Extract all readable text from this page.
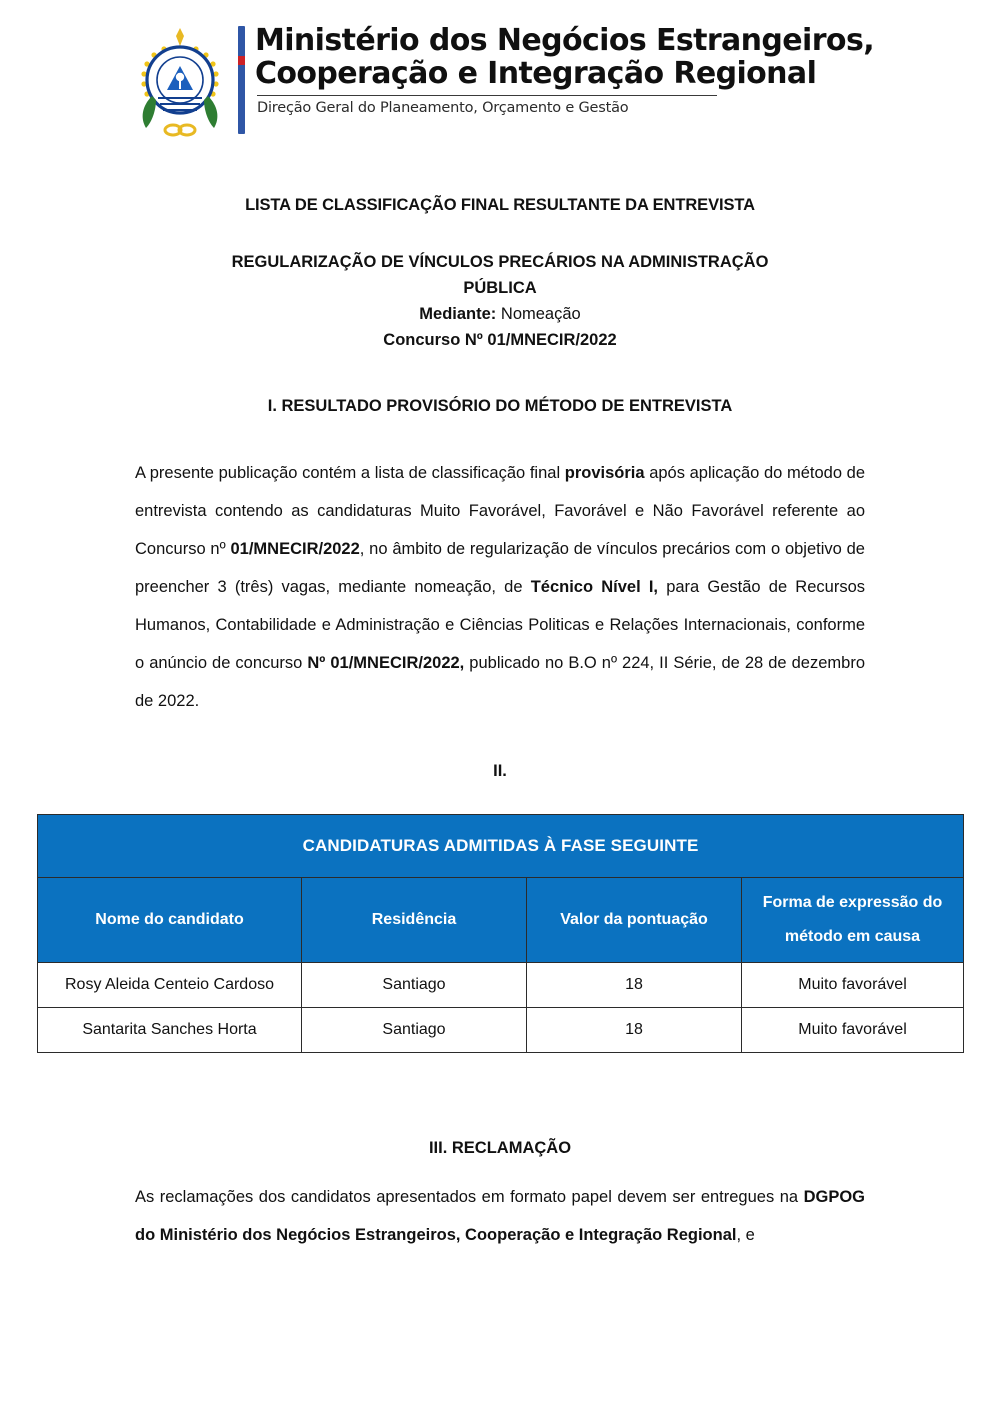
Ministério dos Negócios Estrangeiros,
Cooperação e Integração Regional
Direção Geral do Planeamento, Orçamento e Gestão
LISTA DE CLASSIFICAÇÃO FINAL RESULTANTE DA ENTREVISTA
REGULARIZAÇÃO DE VÍNCULOS PRECÁRIOS NA ADMINISTRAÇÃO
PÚBLICA
Mediante: Nomeação
Concurso Nº 01/MNECIR/2022
I. RESULTADO PROVISÓRIO DO MÉTODO DE ENTREVISTA
A presente publicação contém a lista de classificação final provisória após aplicação do método de entrevista contendo as candidaturas Muito Favorável, Favorável e Não Favorável referente ao Concurso nº 01/MNECIR/2022, no âmbito de regularização de vínculos precários com o objetivo de preencher 3 (três) vagas, mediante nomeação, de Técnico Nível I, para Gestão de Recursos Humanos, Contabilidade e Administração e Ciências Politicas e Relações Internacionais, conforme o anúncio de concurso Nº 01/MNECIR/2022, publicado no B.O nº 224, II Série, de 28 de dezembro de 2022.
II.
CANDIDATURAS ADMITIDAS À FASE SEGUINTE			
Nome do candidato	Residência	Valor da pontuação	Forma de expressão do método em causa
Rosy Aleida Centeio Cardoso	Santiago	18	Muito favorável
Santarita Sanches Horta	Santiago	18	Muito favorável
III. RECLAMAÇÃO
As reclamações dos candidatos apresentados em formato papel devem ser entregues na DGPOG do Ministério dos Negócios Estrangeiros, Cooperação e Integração Regional, e
